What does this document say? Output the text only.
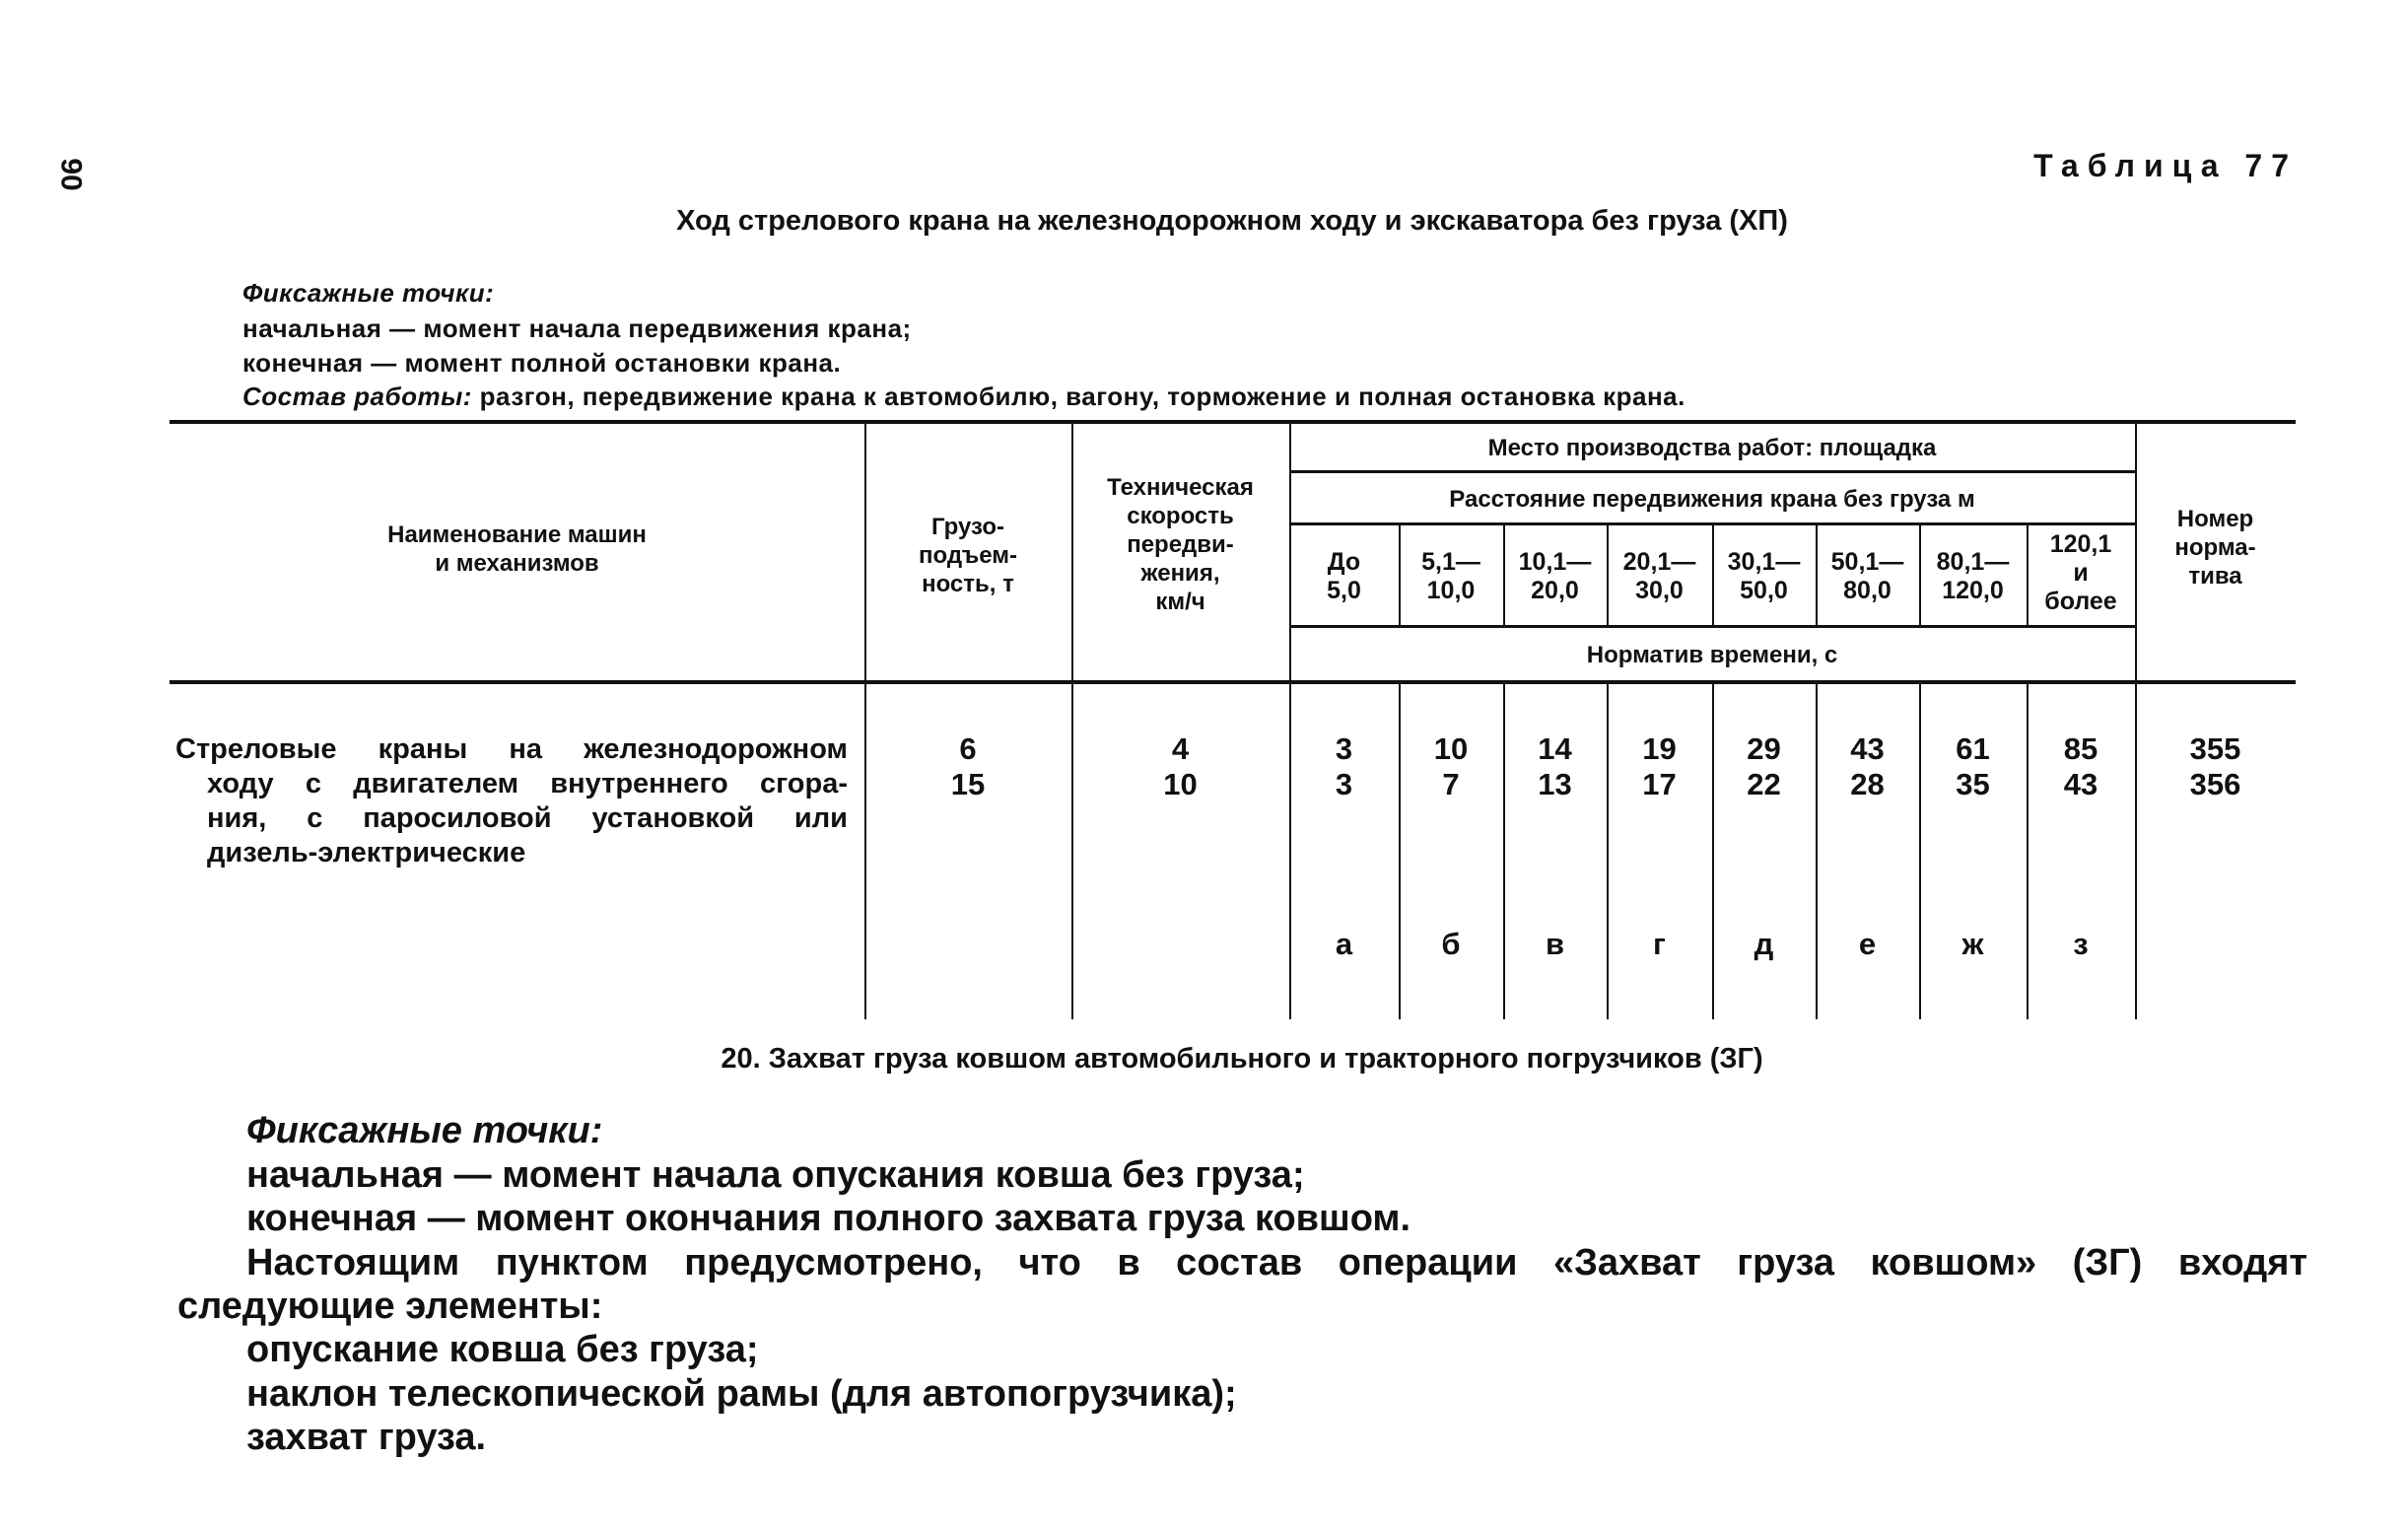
90	Таблица 77
Ход стрелового крана на железнодорожном ходу и экскаватора без груза (ХП)
Фиксажные точки:
начальная — момент начала передвижения крана;
конечная — момент полной остановки крана.
Состав работы: разгон, передвижение крана к автомобилю, вагону, торможение и полная остановка крана.
Наименование машин
и механизмов
Грузо-
подъем-
ность, т
Техническая
скорость
передви-
жения,
км/ч
Место производства работ: площадка
Расстояние передвижения крана без груза м
Норматив времени, с
Номер
норма-
тива
До
5,0
5,1—
10,0
10,1—
20,0
20,1—
30,0
30,1—
50,0
50,1—
80,0
80,1—
120,0
120,1
и
более
Стреловые краны на железнодорожном
ходу с двигателем внутреннего сгора-
ния, с паросиловой установкой или
дизель-электрические
6
15
4
10
355
356
3
3
а
10
7
б
14
13
в
19
17
г
29
22
д
43
28
е
61
35
ж
85
43
з
20. Захват груза ковшом автомобильного и тракторного погрузчиков (ЗГ)
Фиксажные точки:
начальная — момент начала опускания ковша без груза;
конечная — момент окончания полного захвата груза ковшом.
Настоящим пунктом предусмотрено, что в состав операции «Захват груза ковшом» (ЗГ) входят
следующие элементы:
опускание ковша без груза;
наклон телескопической рамы (для автопогрузчика);
захват груза.
